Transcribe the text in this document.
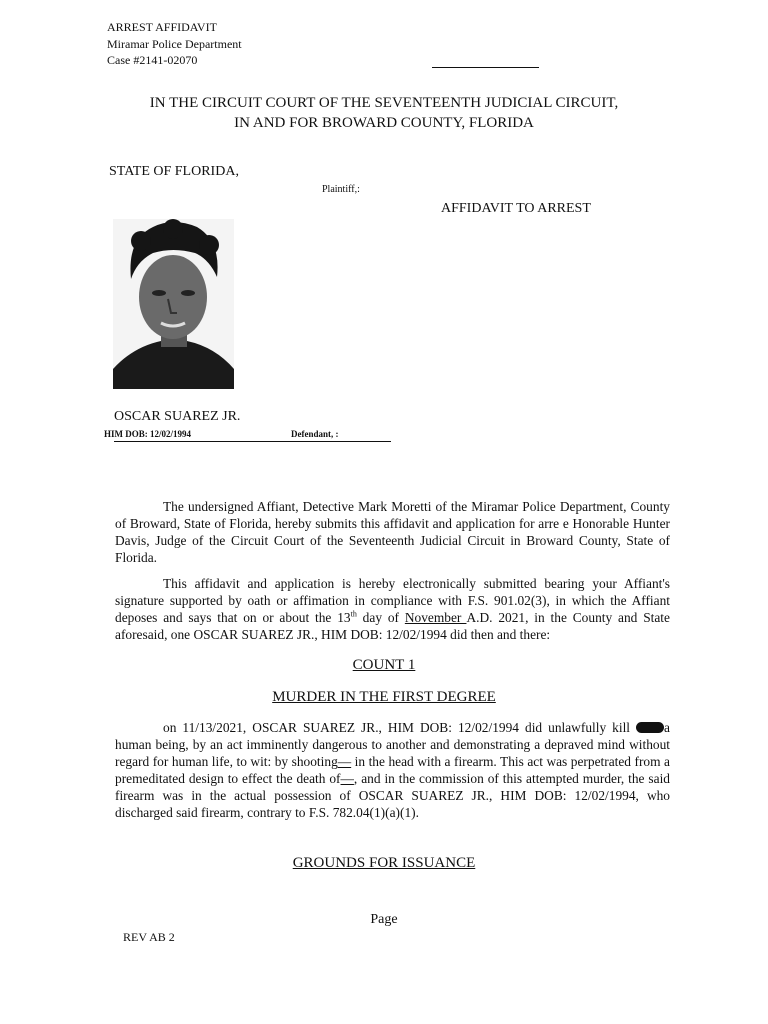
ARREST AFFIDAVIT
Miramar Police Department
Case #2141-02070
IN THE CIRCUIT COURT OF THE SEVENTEENTH JUDICIAL CIRCUIT,
IN AND FOR BROWARD COUNTY, FLORIDA
STATE OF FLORIDA,
Plaintiff,:
AFFIDAVIT TO ARREST
OSCAR SUAREZ JR.
HIM DOB: 12/02/1994	Defendant, :
The undersigned Affiant, Detective Mark Moretti of the Miramar Police Department, County of Broward, State of Florida, hereby submits this affidavit and application for arre e Honorable Hunter Davis, Judge of the Circuit Court of the Seventeenth Judicial Circuit in Broward County, State of Florida.
This affidavit and application is hereby electronically submitted bearing your Affiant's signature supported by oath or affimation in compliance with F.S. 901.02(3), in which the Affiant deposes and says that on or about the 13th day of November A.D. 2021, in the County and State aforesaid, one OSCAR SUAREZ JR., HIM DOB: 12/02/1994 did then and there:
COUNT 1
MURDER IN THE FIRST DEGREE
on 11/13/2021, OSCAR SUAREZ JR., HIM DOB: 12/02/1994 did unlawfully kill a human being, by an act imminently dangerous to another and demonstrating a depraved mind without regard for human life, to wit: by shooting— in the head with a firearm. This act was perpetrated from a premeditated design to effect the death of—, and in the commission of this attempted murder, the said firearm was in the actual possession of OSCAR SUAREZ JR., HIM DOB: 12/02/1994, who discharged said firearm, contrary to F.S. 782.04(1)(a)(1).
GROUNDS FOR ISSUANCE
Page
REV AB 2
